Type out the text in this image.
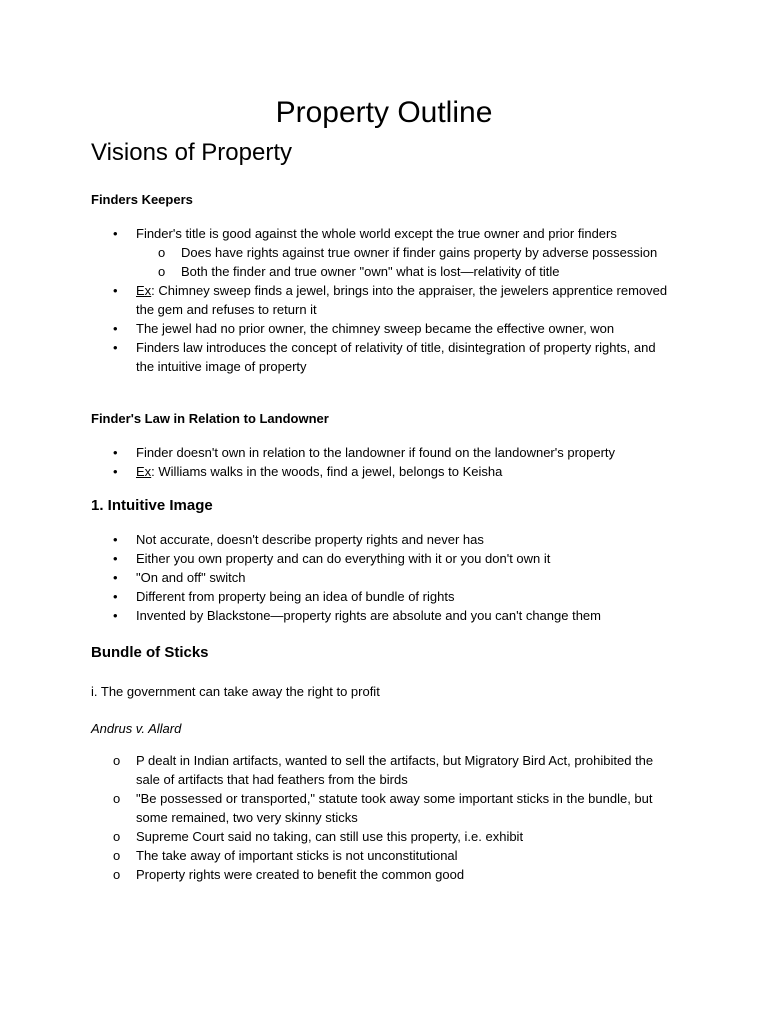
Property Outline
Visions of Property
Finders Keepers
• Finder's title is good against the whole world except the true owner and prior finders
o Does have rights against true owner if finder gains property by adverse possession
o Both the finder and true owner "own" what is lost—relativity of title
• Ex: Chimney sweep finds a jewel, brings into the appraiser, the jewelers apprentice removed the gem and refuses to return it
• The jewel had no prior owner, the chimney sweep became the effective owner, won
• Finders law introduces the concept of relativity of title, disintegration of property rights, and the intuitive image of property
Finder's Law in Relation to Landowner
• Finder doesn't own in relation to the landowner if found on the landowner's property
• Ex: Williams walks in the woods, find a jewel, belongs to Keisha
1. Intuitive Image
• Not accurate, doesn't describe property rights and never has
• Either you own property and can do everything with it or you don't own it
• "On and off" switch
• Different from property being an idea of bundle of rights
• Invented by Blackstone—property rights are absolute and you can't change them
Bundle of Sticks
i. The government can take away the right to profit
Andrus v. Allard
o P dealt in Indian artifacts, wanted to sell the artifacts, but Migratory Bird Act, prohibited the sale of artifacts that had feathers from the birds
o "Be possessed or transported," statute took away some important sticks in the bundle, but some remained, two very skinny sticks
o Supreme Court said no taking, can still use this property, i.e. exhibit
o The take away of important sticks is not unconstitutional
o Property rights were created to benefit the common good
